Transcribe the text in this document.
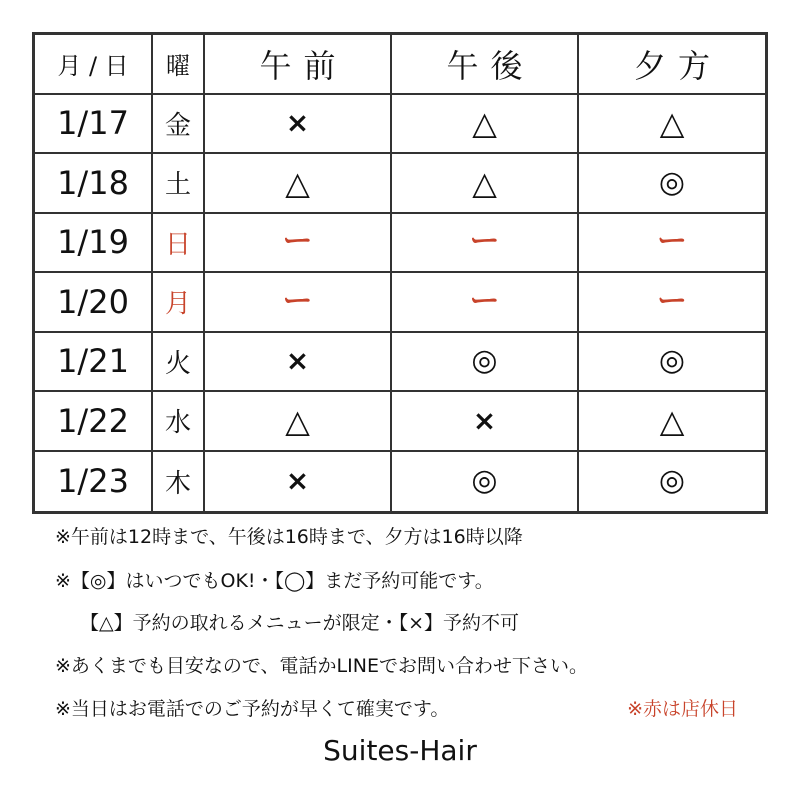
月 / 日	曜	午前	午後	夕方
1/17	金	×	△	△
1/18	土	△	△	◎
1/19	日	ー	ー	ー
1/20	月	ー	ー	ー
1/21	火	×	◎	◎
1/22	水	△	×	△
1/23	木	×	◎	◎
※午前は12時まで、午後は16時まで、夕方は16時以降
※【◎】はいつでもOK!・【◯】まだ予約可能です。
【△】予約の取れるメニューが限定・【×】予約不可
※あくまでも目安なので、電話かLINEでお問い合わせ下さい。
※当日はお電話でのご予約が早くて確実です。	※赤は店休日
Suites-Hair
